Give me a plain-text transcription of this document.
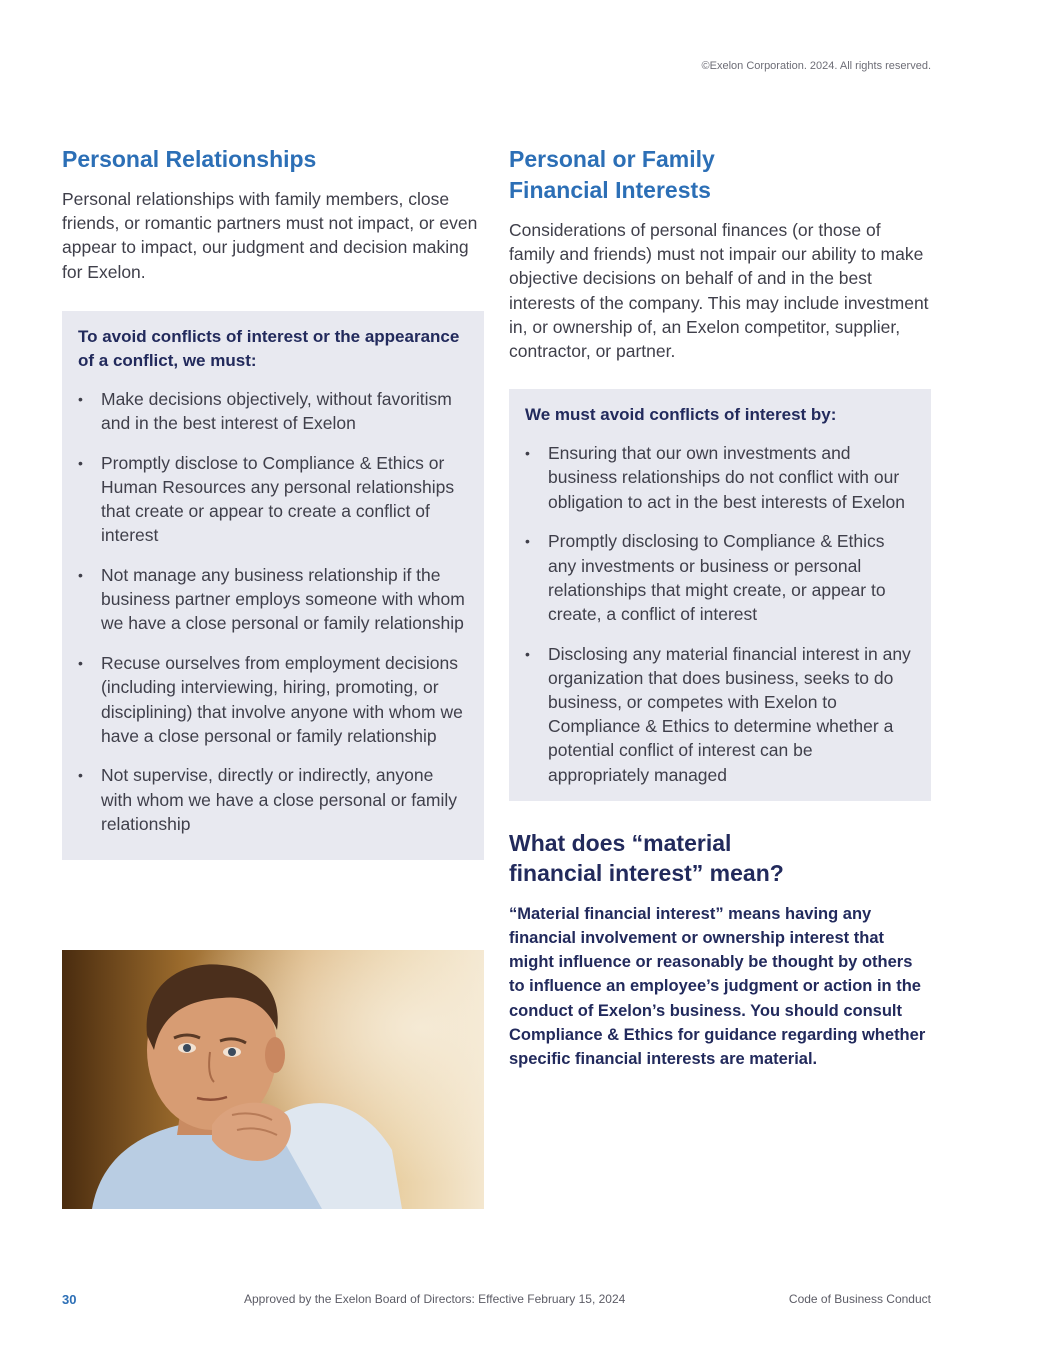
©Exelon Corporation. 2024. All rights reserved.
Personal Relationships

Personal relationships with family members, close friends, or romantic partners must not impact, or even appear to impact, our judgment and decision making for Exelon.

To avoid conflicts of interest or the appearance of a conflict, we must:
• Make decisions objectively, without favoritism and in the best interest of Exelon
• Promptly disclose to Compliance & Ethics or Human Resources any personal relationships that create or appear to create a conflict of interest
• Not manage any business relationship if the business partner employs someone with whom we have a close personal or family relationship
• Recuse ourselves from employment decisions (including interviewing, hiring, promoting, or disciplining) that involve anyone with whom we have a close personal or family relationship
• Not supervise, directly or indirectly, anyone with whom we have a close personal or family relationship
Personal or Family
Financial Interests

Considerations of personal finances (or those of family and friends) must not impair our ability to make objective decisions on behalf of and in the best interests of the company. This may include investment in, or ownership of, an Exelon competitor, supplier, contractor, or partner.

We must avoid conflicts of interest by:
• Ensuring that our own investments and business relationships do not conflict with our obligation to act in the best interests of Exelon
• Promptly disclosing to Compliance & Ethics any investments or business or personal relationships that might create, or appear to create, a conflict of interest
• Disclosing any material financial interest in any organization that does business, seeks to do business, or competes with Exelon to Compliance & Ethics to determine whether a potential conflict of interest can be appropriately managed
What does “material
financial interest” mean?

“Material financial interest” means having any financial involvement or ownership interest that might influence or reasonably be thought by others to influence an employee’s judgment or action in the conduct of Exelon’s business. You should consult Compliance & Ethics for guidance regarding whether specific financial interests are material.

30	Approved by the Exelon Board of Directors: Effective February 15, 2024	Code of Business Conduct
